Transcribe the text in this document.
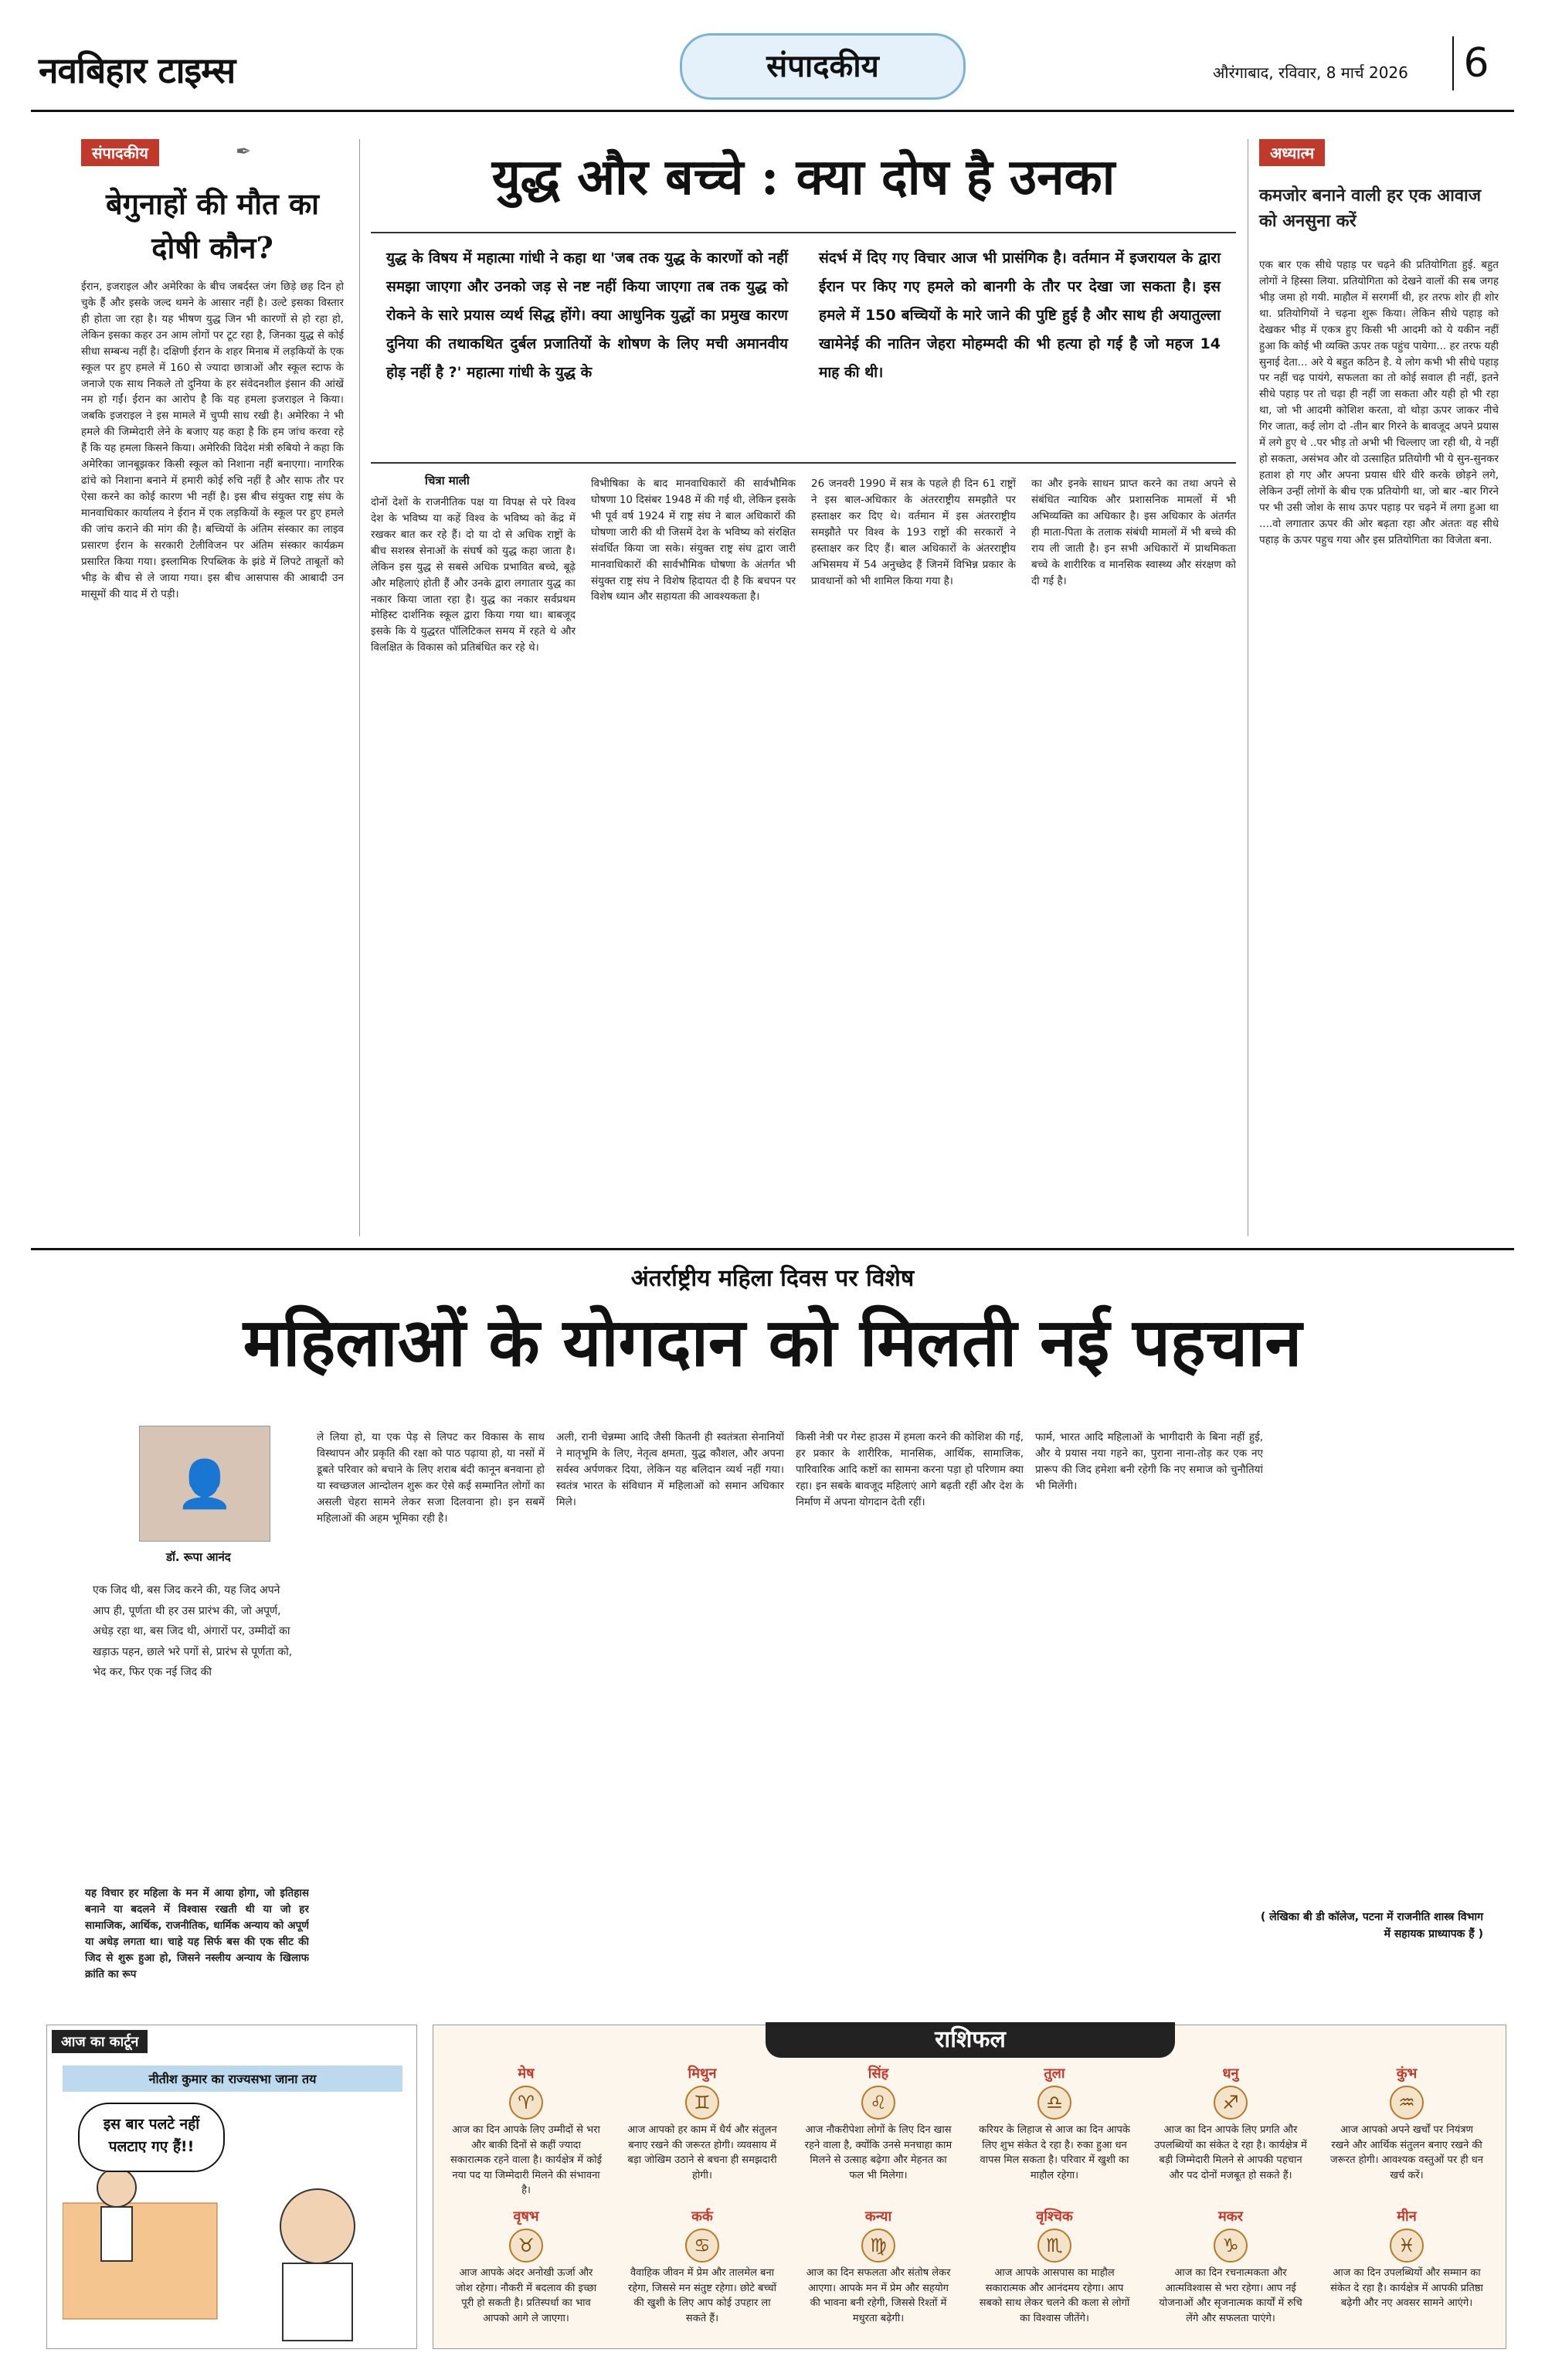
नवबिहार टाइम्स	संपादकीय	औरंगाबाद, रविवार, 8 मार्च 2026 6
संपादकीय	✒
बेगुनाहों की मौत का दोषी कौन?
ईरान, इजराइल और अमेरिका के बीच जबर्दस्त जंग छिड़े छह दिन हो चुके हैं और इसके जल्द थमने के आसार नहीं है। उल्टे इसका विस्तार ही होता जा रहा है। यह भीषण युद्ध जिन भी कारणों से हो रहा हो, लेकिन इसका कहर उन आम लोगों पर टूट रहा है, जिनका युद्ध से कोई सीधा सम्बन्ध नहीं है। दक्षिणी ईरान के शहर मिनाब में लड़कियों के एक स्कूल पर हुए हमले में 160 से ज्यादा छात्राओं और स्कूल स्टाफ के जनाजे एक साथ निकले तो दुनिया के हर संवेदनशील इंसान की आंखें नम हो गईं। ईरान का आरोप है कि यह हमला इजराइल ने किया। जबकि इजराइल ने इस मामले में चुप्पी साध रखी है। अमेरिका ने भी हमले की जिम्मेदारी लेने के बजाए यह कहा है कि हम जांच करवा रहे हैं कि यह हमला किसने किया। अमेरिकी विदेश मंत्री रुबियो ने कहा कि अमेरिका जानबूझकर किसी स्कूल को निशाना नहीं बनाएगा। नागरिक ढांचे को निशाना बनाने में हमारी कोई रुचि नहीं है और साफ तौर पर ऐसा करने का कोई कारण भी नहीं है। इस बीच संयुक्त राष्ट्र संघ के मानवाधिकार कार्यालय ने ईरान में एक लड़कियों के स्कूल पर हुए हमले की जांच कराने की मांग की है। बच्चियों के अंतिम संस्कार का लाइव प्रसारण ईरान के सरकारी टेलीविजन पर अंतिम संस्कार कार्यक्रम प्रसारित किया गया। इस्लामिक रिपब्लिक के झंडे में लिपटे ताबूतों को भीड़ के बीच से ले जाया गया। इस बीच आसपास की आबादी उन मासूमों की याद में रो पड़ी।
युद्ध और बच्चे : क्या दोष है उनका
युद्ध के विषय में महात्मा गांधी ने कहा था 'जब तक युद्ध के कारणों को नहीं समझा जाएगा और उनको जड़ से नष्ट नहीं किया जाएगा तब तक युद्ध को रोकने के सारे प्रयास व्यर्थ सिद्ध होंगे। क्या आधुनिक युद्धों का प्रमुख कारण दुनिया की तथाकथित दुर्बल प्रजातियों के शोषण के लिए मची अमानवीय होड़ नहीं है ?' महात्मा गांधी के युद्ध के
संदर्भ में दिए गए विचार आज भी प्रासंगिक है। वर्तमान में इजरायल के द्वारा ईरान पर किए गए हमले को बानगी के तौर पर देखा जा सकता है। इस हमले में 150 बच्चियों के मारे जाने की पुष्टि हुई है और साथ ही अयातुल्ला खामेनेई की नातिन जेहरा मोहम्मदी की भी हत्या हो गई है जो महज 14 माह की थी।
चित्रा माली
दोनों देशों के राजनीतिक पक्ष या विपक्ष से परे विश्व देश के भविष्य या कहें विश्व के भविष्य को केंद्र में रखकर बात कर रहे हैं। दो या दो से अधिक राष्ट्रों के बीच सशस्त्र सेनाओं के संघर्ष को युद्ध कहा जाता है। लेकिन इस युद्ध से सबसे अधिक प्रभावित बच्चे, बूढ़े और महिलाएं होती हैं और उनके द्वारा लगातार युद्ध का नकार किया जाता रहा है। युद्ध का नकार सर्वप्रथम मोहिस्ट दार्शनिक स्कूल द्वारा किया गया था। बाबजूद इसके कि ये युद्धरत पॉलिटिकल समय में रहते थे और विलक्षित के विकास को प्रतिबंधित कर रहे थे।
विभीषिका के बाद मानवाधिकारों की सार्वभौमिक घोषणा 10 दिसंबर 1948 में की गई थी, लेकिन इसके भी पूर्व वर्ष 1924 में राष्ट्र संघ ने बाल अधिकारों की घोषणा जारी की थी जिसमें देश के भविष्य को संरक्षित संवर्धित किया जा सके। संयुक्त राष्ट्र संघ द्वारा जारी मानवाधिकारों की सार्वभौमिक घोषणा के अंतर्गत भी संयुक्त राष्ट्र संघ ने विशेष हिदायत दी है कि बचपन पर विशेष ध्यान और सहायता की आवश्यकता है।
26 जनवरी 1990 में सत्र के पहले ही दिन 61 राष्ट्रों ने इस बाल-अधिकार के अंतरराष्ट्रीय समझौते पर हस्ताक्षर कर दिए थे। वर्तमान में इस अंतरराष्ट्रीय समझौते पर विश्व के 193 राष्ट्रों की सरकारों ने हस्ताक्षर कर दिए हैं। बाल अधिकारों के अंतरराष्ट्रीय अभिसमय में 54 अनुच्छेद हैं जिनमें विभिन्न प्रकार के प्रावधानों को भी शामिल किया गया है।
का और इनके साधन प्राप्त करने का तथा अपने से संबंधित न्यायिक और प्रशासनिक मामलों में भी अभिव्यक्ति का अधिकार है। इस अधिकार के अंतर्गत ही माता-पिता के तलाक संबंधी मामलों में भी बच्चे की राय ली जाती है। इन सभी अधिकारों में प्राथमिकता बच्चे के शारीरिक व मानसिक स्वास्थ्य और संरक्षण को दी गई है।
अध्यात्म
कमजोर बनाने वाली हर एक आवाज को अनसुना करें
एक बार एक सीधे पहाड़ पर चढ़ने की प्रतियोगिता हुई. बहुत लोगों ने हिस्सा लिया. प्रतियोगिता को देखने वालों की सब जगह भीड़ जमा हो गयी. माहौल में सरगर्मी थी, हर तरफ शोर ही शोर था. प्रतियोगियों ने चढ़ना शुरू किया। लेकिन सीधे पहाड़ को देखकर भीड़ में एकत्र हुए किसी भी आदमी को ये यकीन नहीं हुआ कि कोई भी व्यक्ति ऊपर तक पहुंच पायेगा... हर तरफ यही सुनाई देता... अरे ये बहुत कठिन है. ये लोग कभी भी सीधे पहाड़ पर नहीं चढ़ पायंगे, सफलता का तो कोई सवाल ही नहीं, इतने सीधे पहाड़ पर तो चढ़ा ही नहीं जा सकता और यही हो भी रहा था, जो भी आदमी कोशिश करता, वो थोड़ा ऊपर जाकर नीचे गिर जाता, कई लोग दो -तीन बार गिरने के बावजूद अपने प्रयास में लगे हुए थे ..पर भीड़ तो अभी भी चिल्लाए जा रही थी, ये नहीं हो सकता, असंभव और वो उत्साहित प्रतियोगी भी ये सुन-सुनकर हताश हो गए और अपना प्रयास धीरे धीरे करके छोड़ने लगे, लेकिन उन्हीं लोगों के बीच एक प्रतियोगी था, जो बार -बार गिरने पर भी उसी जोश के साथ ऊपर पहाड़ पर चढ़ने में लगा हुआ था ....वो लगातार ऊपर की ओर बढ़ता रहा और अंततः वह सीधे पहाड़ के ऊपर पहुच गया और इस प्रतियोगिता का विजेता बना.
अंतर्राष्ट्रीय महिला दिवस पर विशेष
महिलाओं के योगदान को मिलती नई पहचान
👤
डॉ. रूपा आनंद
एक जिद थी, बस जिद करने की, यह जिद अपने आप ही, पूर्णता थी हर उस प्रारंभ की, जो अपूर्ण, अधेड़ रहा था, बस जिद थी, अंगारों पर, उम्मीदों का खड़ाऊ पहन, छाले भरे पगों से, प्रारंभ से पूर्णता को, भेद कर, फिर एक नई जिद की
यह विचार हर महिला के मन में आया होगा, जो इतिहास बनाने या बदलने में विश्वास रखती थी या जो हर सामाजिक, आर्थिक, राजनीतिक, धार्मिक अन्याय को अपूर्ण या अधेड़ लगता था। चाहे यह सिर्फ बस की एक सीट की जिद से शुरू हुआ हो, जिसने नस्लीय अन्याय के खिलाफ क्रांति का रूप
ले लिया हो, या एक पेड़ से लिपट कर विकास के साथ विस्थापन और प्रकृति की रक्षा को पाठ पढ़ाया हो, या नसों में डूबते परिवार को बचाने के लिए शराब बंदी कानून बनवाना हो या स्वच्छजल आन्दोलन शुरू कर ऐसे कई सम्मानित लोगों का असली चेहरा सामने लेकर सजा दिलवाना हो। इन सबमें महिलाओं की अहम भूमिका रही है।
अली, रानी चेन्नम्मा आदि जैसी कितनी ही स्वतंत्रता सेनानियों ने मातृभूमि के लिए, नेतृत्व क्षमता, युद्ध कौशल, और अपना सर्वस्व अर्पणकर दिया, लेकिन यह बलिदान व्यर्थ नहीं गया। स्वतंत्र भारत के संविधान में महिलाओं को समान अधिकार मिले।
किसी नेत्री पर गेस्ट हाउस में हमला करने की कोशिश की गई, हर प्रकार के शारीरिक, मानसिक, आर्थिक, सामाजिक, पारिवारिक आदि कष्टों का सामना करना पड़ा हो परिणाम क्या रहा। इन सबके बावजूद महिलाएं आगे बढ़ती रहीं और देश के निर्माण में अपना योगदान देती रहीं।
फार्म, भारत आदि महिलाओं के भागीदारी के बिना नहीं हुई, और ये प्रयास नया गहने का, पुराना नाना-तोड़ कर एक नए प्रारूप की जिद हमेशा बनी रहेगी कि नए समाज को चुनौतियां भी मिलेंगी।
( लेखिका बी डी कॉलेज, पटना में राजनीति शास्त्र विभाग में सहायक प्राध्यापक हैं )
आज का कार्टून
नीतीश कुमार का राज्यसभा जाना तय
इस बार पलटे नहीं पलटाए गए हैं!!
राशिफल
मेष
♈
आज का दिन आपके लिए उम्मीदों से भरा और बाकी दिनों से कहीं ज्यादा सकारात्मक रहने वाला है। कार्यक्षेत्र में कोई नया पद या जिम्मेदारी मिलने की संभावना है।
मिथुन
♊
आज आपको हर काम में धैर्य और संतुलन बनाए रखने की जरूरत होगी। व्यवसाय में बड़ा जोखिम उठाने से बचना ही समझदारी होगी।
सिंह
♌
आज नौकरीपेशा लोगों के लिए दिन खास रहने वाला है, क्योंकि उनसे मनचाहा काम मिलने से उत्साह बढ़ेगा और मेहनत का फल भी मिलेगा।
तुला
♎
करियर के लिहाज से आज का दिन आपके लिए शुभ संकेत दे रहा है। रुका हुआ धन वापस मिल सकता है। परिवार में खुशी का माहौल रहेगा।
धनु
♐
आज का दिन आपके लिए प्रगति और उपलब्धियों का संकेत दे रहा है। कार्यक्षेत्र में बड़ी जिम्मेदारी मिलने से आपकी पहचान और पद दोनों मजबूत हो सकते हैं।
कुंभ
♒
आज आपको अपने खर्चों पर नियंत्रण रखने और आर्थिक संतुलन बनाए रखने की जरूरत होगी। आवश्यक वस्तुओं पर ही धन खर्च करें।
वृषभ
♉
आज आपके अंदर अनोखी ऊर्जा और जोश रहेगा। नौकरी में बदलाव की इच्छा पूरी हो सकती है। प्रतिस्पर्धा का भाव आपको आगे ले जाएगा।
कर्क
♋
वैवाहिक जीवन में प्रेम और तालमेल बना रहेगा, जिससे मन संतुष्ट रहेगा। छोटे बच्चों की खुशी के लिए आप कोई उपहार ला सकते हैं।
कन्या
♍
आज का दिन सफलता और संतोष लेकर आएगा। आपके मन में प्रेम और सहयोग की भावना बनी रहेगी, जिससे रिश्तों में मधुरता बढ़ेगी।
वृश्चिक
♏
आज आपके आसपास का माहौल सकारात्मक और आनंदमय रहेगा। आप सबको साथ लेकर चलने की कला से लोगों का विश्वास जीतेंगे।
मकर
♑
आज का दिन रचनात्मकता और आत्मविश्वास से भरा रहेगा। आप नई योजनाओं और सृजनात्मक कार्यों में रुचि लेंगे और सफलता पाएंगे।
मीन
♓
आज का दिन उपलब्धियों और सम्मान का संकेत दे रहा है। कार्यक्षेत्र में आपकी प्रतिष्ठा बढ़ेगी और नए अवसर सामने आएंगे।
